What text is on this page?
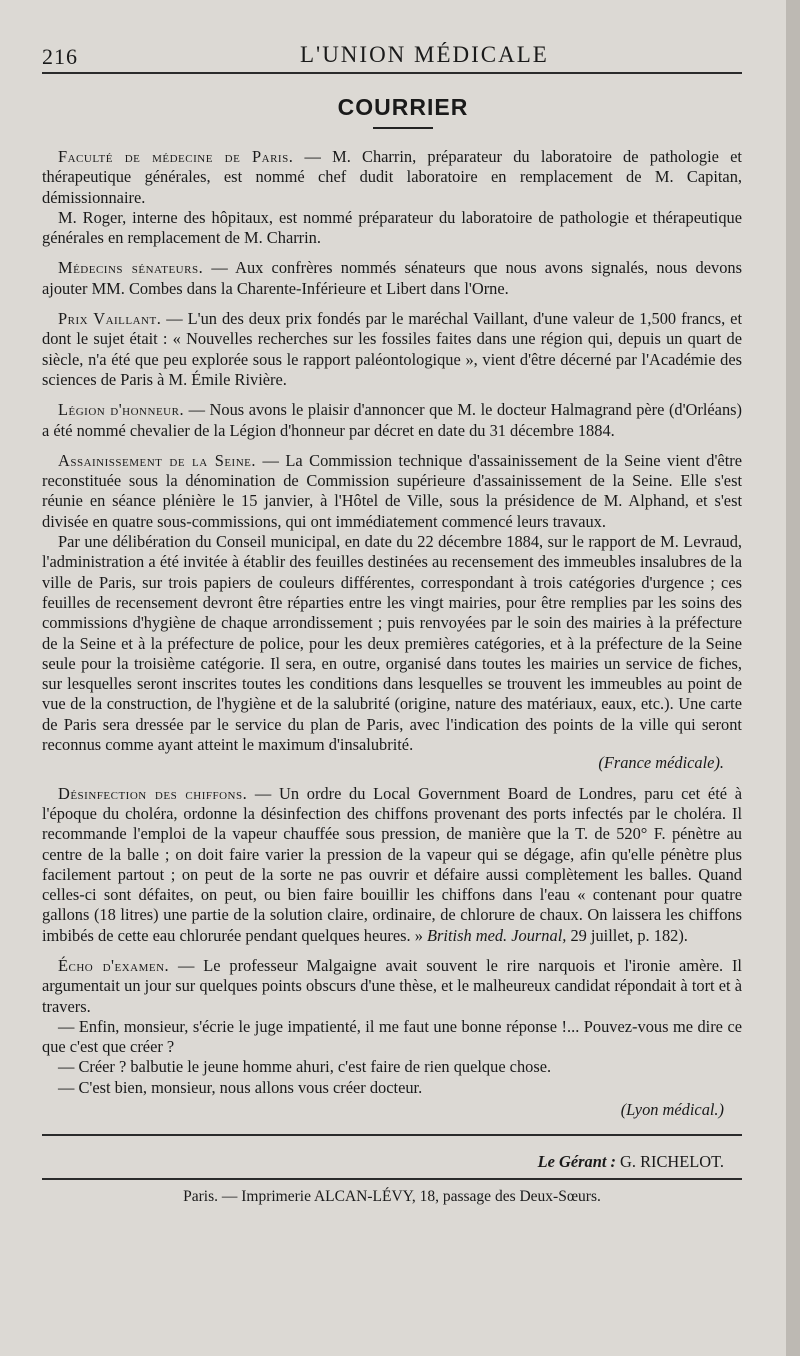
216	L'UNION MÉDICALE
COURRIER

Faculté de médecine de Paris. — M. Charrin, préparateur du laboratoire de pathologie et thérapeutique générales, est nommé chef dudit laboratoire en remplacement de M. Capitan, démissionnaire.

M. Roger, interne des hôpitaux, est nommé préparateur du laboratoire de pathologie et thérapeutique générales en remplacement de M. Charrin.

Médecins sénateurs. — Aux confrères nommés sénateurs que nous avons signalés, nous devons ajouter MM. Combes dans la Charente-Inférieure et Libert dans l'Orne.

Prix Vaillant. — L'un des deux prix fondés par le maréchal Vaillant, d'une valeur de 1,500 francs, et dont le sujet était : « Nouvelles recherches sur les fossiles faites dans une région qui, depuis un quart de siècle, n'a été que peu explorée sous le rapport paléontologique », vient d'être décerné par l'Académie des sciences de Paris à M. Émile Rivière.

Légion d'honneur. — Nous avons le plaisir d'annoncer que M. le docteur Halmagrand père (d'Orléans) a été nommé chevalier de la Légion d'honneur par décret en date du 31 décembre 1884.

Assainissement de la Seine. — La Commission technique d'assainissement de la Seine vient d'être reconstituée sous la dénomination de Commission supérieure d'assainissement de la Seine. Elle s'est réunie en séance plénière le 15 janvier, à l'Hôtel de Ville, sous la présidence de M. Alphand, et s'est divisée en quatre sous-commissions, qui ont immédiatement commencé leurs travaux.

Par une délibération du Conseil municipal, en date du 22 décembre 1884, sur le rapport de M. Levraud, l'administration a été invitée à établir des feuilles destinées au recensement des immeubles insalubres de la ville de Paris, sur trois papiers de couleurs différentes, correspondant à trois catégories d'urgence ; ces feuilles de recensement devront être réparties entre les vingt mairies, pour être remplies par les soins des commissions d'hygiène de chaque arrondissement ; puis renvoyées par le soin des mairies à la préfecture de la Seine et à la préfecture de police, pour les deux premières catégories, et à la préfecture de la Seine seule pour la troisième catégorie. Il sera, en outre, organisé dans toutes les mairies un service de fiches, sur lesquelles seront inscrites toutes les conditions dans lesquelles se trouvent les immeubles au point de vue de la construction, de l'hygiène et de la salubrité (origine, nature des matériaux, eaux, etc.). Une carte de Paris sera dressée par le service du plan de Paris, avec l'indication des points de la ville qui seront reconnus comme ayant atteint le maximum d'insalubrité.

(France médicale).

Désinfection des chiffons. — Un ordre du Local Government Board de Londres, paru cet été à l'époque du choléra, ordonne la désinfection des chiffons provenant des ports infectés par le choléra. Il recommande l'emploi de la vapeur chauffée sous pression, de manière que la T. de 520° F. pénètre au centre de la balle ; on doit faire varier la pression de la vapeur qui se dégage, afin qu'elle pénètre plus facilement partout ; on peut de la sorte ne pas ouvrir et défaire aussi complètement les balles. Quand celles-ci sont défaites, on peut, ou bien faire bouillir les chiffons dans l'eau « contenant pour quatre gallons (18 litres) une partie de la solution claire, ordinaire, de chlorure de chaux. On laissera les chiffons imbibés de cette eau chlorurée pendant quelques heures. » British med. Journal, 29 juillet, p. 182).

Écho d'examen. — Le professeur Malgaigne avait souvent le rire narquois et l'ironie amère. Il argumentait un jour sur quelques points obscurs d'une thèse, et le malheureux candidat répondait à tort et à travers.

— Enfin, monsieur, s'écrie le juge impatienté, il me faut une bonne réponse !... Pouvez-vous me dire ce que c'est que créer ?

— Créer ? balbutie le jeune homme ahuri, c'est faire de rien quelque chose.

— C'est bien, monsieur, nous allons vous créer docteur.

(Lyon médical.)
Le Gérant : G. RICHELOT.
Paris. — Imprimerie ALCAN-LÉVY, 18, passage des Deux-Sœurs.
